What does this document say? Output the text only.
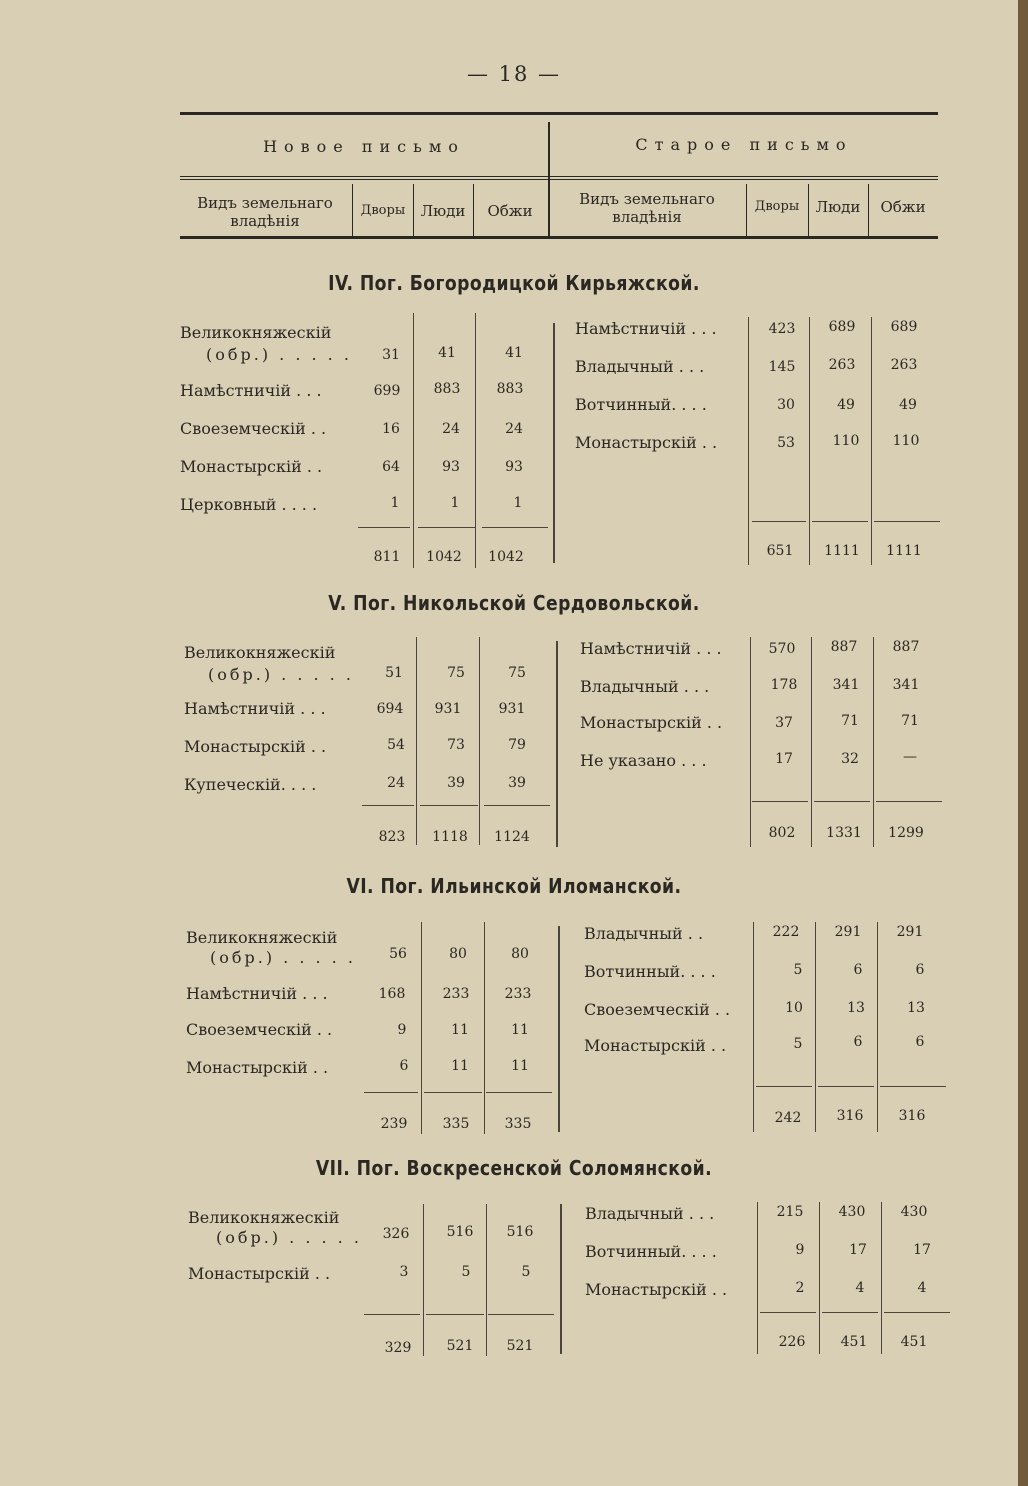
— 18 —
Новое письмо	Старое письмо
Видъ земельнаго владѣнія
Дворы	Люди	Обжи
Видъ земельнаго владѣнія
Дворы	Люди	Обжи
IV. Пог. Богородицкой Кирьяжской.
Великокняжескій
(обр.) . . . . .	31	41	41
Намѣстничій . . .	699	883	883
Своеземческій . .	16	24	24
Монастырскій . .	64	93	93
Церковный . . . .	1	1	1
811	1042	1042
Намѣстничій . . .	423	689	689
Владычный . . .	145	263	263
Вотчинный. . . .	30	49	49
Монастырскій . .	53	110	110
651	1111	1111
V. Пог. Никольской Сердовольской.
Великокняжескій
(обр.) . . . . .	51	75	75
Намѣстничій . . .	694	931	931
Монастырскій . .	54	73	79
Купеческій. . . .	24	39	39
823	1118	1124
Намѣстничій . . .	570	887	887
Владычный . . .	178	341	341
Монастырскій . .	37	71	71
Не указано . . .	17	32	—
802	1331	1299
VI. Пог. Ильинской Иломанской.
Великокняжескій
(обр.) . . . . .	56	80	80
Намѣстничій . . .	168	233	233
Своеземческій . .	9	11	11
Монастырскій . .	6	11	11
239	335	335
Владычный . .	222	291	291
Вотчинный. . . .	5	6	6
Своеземческій . .	10	13	13
Монастырскій . .	5	6	6
242	316	316
VII. Пог. Воскресенской Соломянской.
Великокняжескій
(обр.) . . . . .	326	516	516
Монастырскій . .	3	5	5
329	521	521
Владычный . . .	215	430	430
Вотчинный. . . .	9	17	17
Монастырскій . .	2	4	4
226	451	451
